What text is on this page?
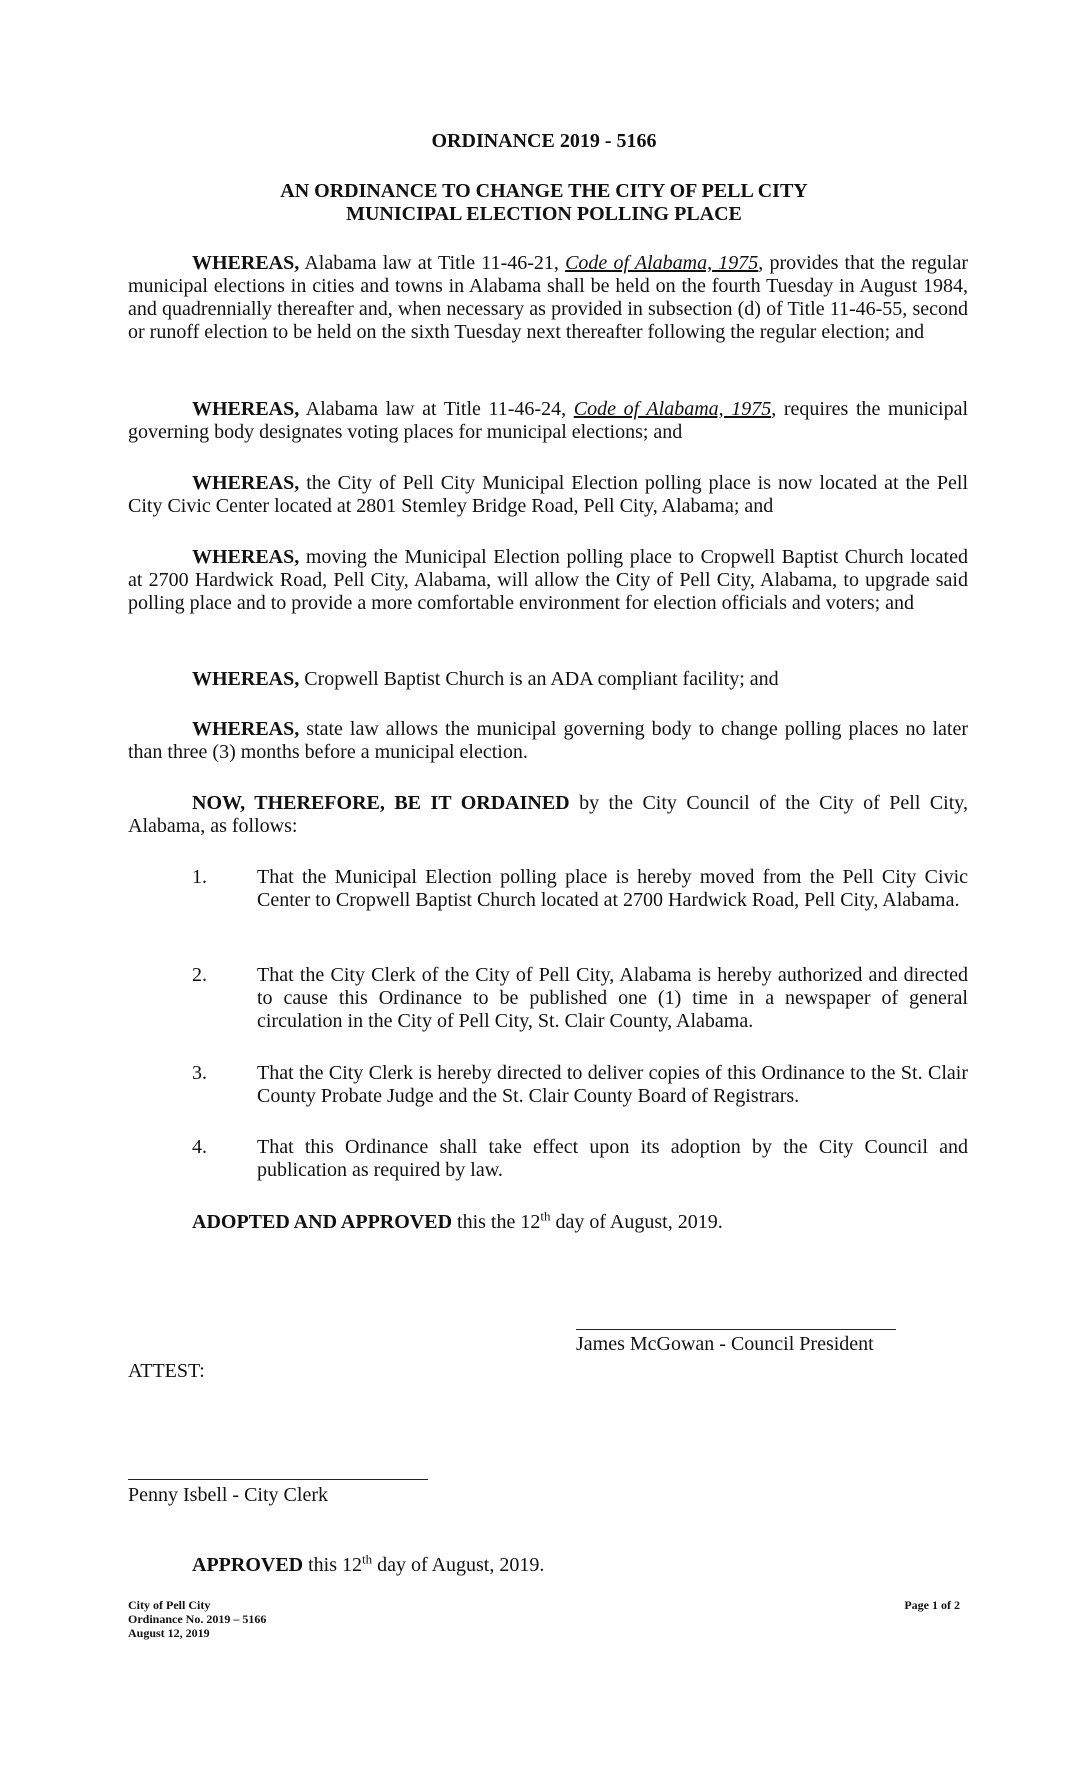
ORDINANCE 2019 - 5166
AN ORDINANCE TO CHANGE THE CITY OF PELL CITY
MUNICIPAL ELECTION POLLING PLACE
WHEREAS, Alabama law at Title 11-46-21, Code of Alabama, 1975, provides that the regular municipal elections in cities and towns in Alabama shall be held on the fourth Tuesday in August 1984, and quadrennially thereafter and, when necessary as provided in subsection (d) of Title 11-46-55, second or runoff election to be held on the sixth Tuesday next thereafter following the regular election; and
WHEREAS, Alabama law at Title 11-46-24, Code of Alabama, 1975, requires the municipal governing body designates voting places for municipal elections; and
WHEREAS, the City of Pell City Municipal Election polling place is now located at the Pell City Civic Center located at 2801 Stemley Bridge Road, Pell City, Alabama; and
WHEREAS, moving the Municipal Election polling place to Cropwell Baptist Church located at 2700 Hardwick Road, Pell City, Alabama, will allow the City of Pell City, Alabama, to upgrade said polling place and to provide a more comfortable environment for election officials and voters; and
WHEREAS, Cropwell Baptist Church is an ADA compliant facility; and
WHEREAS, state law allows the municipal governing body to change polling places no later than three (3) months before a municipal election.
NOW, THEREFORE, BE IT ORDAINED by the City Council of the City of Pell City, Alabama, as follows:
1.	That the Municipal Election polling place is hereby moved from the Pell City Civic Center to Cropwell Baptist Church located at 2700 Hardwick Road, Pell City, Alabama.
2.	That the City Clerk of the City of Pell City, Alabama is hereby authorized and directed to cause this Ordinance to be published one (1) time in a newspaper of general circulation in the City of Pell City, St. Clair County, Alabama.
3.	That the City Clerk is hereby directed to deliver copies of this Ordinance to the St. Clair County Probate Judge and the St. Clair County Board of Registrars.
4.	That this Ordinance shall take effect upon its adoption by the City Council and publication as required by law.
ADOPTED AND APPROVED this the 12th day of August, 2019.
James McGowan - Council President
ATTEST:
Penny Isbell - City Clerk
APPROVED this 12th day of August, 2019.
City of Pell City
Ordinance No. 2019 – 5166
August 12, 2019
Page 1 of 2
